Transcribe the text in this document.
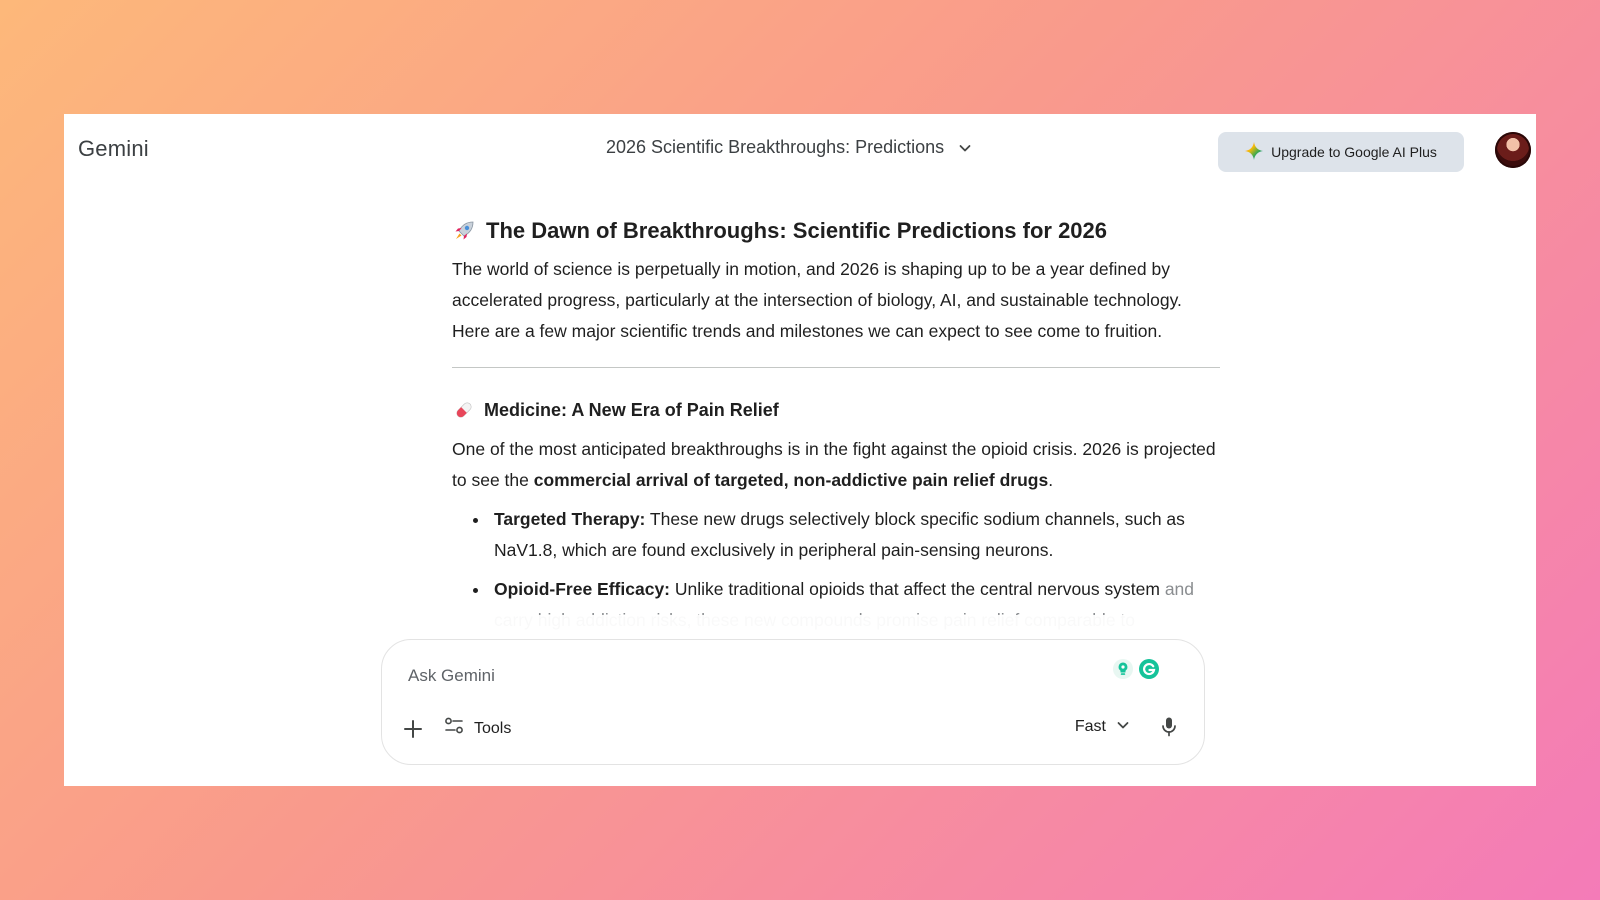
Gemini	2026 Scientific Breakthroughs: Predictions	Upgrade to Google AI Plus
The Dawn of Breakthroughs: Scientific Predictions for 2026

The world of science is perpetually in motion, and 2026 is shaping up to be a year defined by accelerated progress, particularly at the intersection of biology, AI, and sustainable technology. Here are a few major scientific trends and milestones we can expect to see come to fruition.

Medicine: A New Era of Pain Relief

One of the most anticipated breakthroughs is in the fight against the opioid crisis. 2026 is projected to see the commercial arrival of targeted, non-addictive pain relief drugs.

• Targeted Therapy: These new drugs selectively block specific sodium channels, such as NaV1.8, which are found exclusively in peripheral pain-sensing neurons.
• Opioid-Free Efficacy: Unlike traditional opioids that affect the central nervous system and carry high addiction risks, these new compounds promise pain relief comparable to
Ask Gemini
Tools	Fast
